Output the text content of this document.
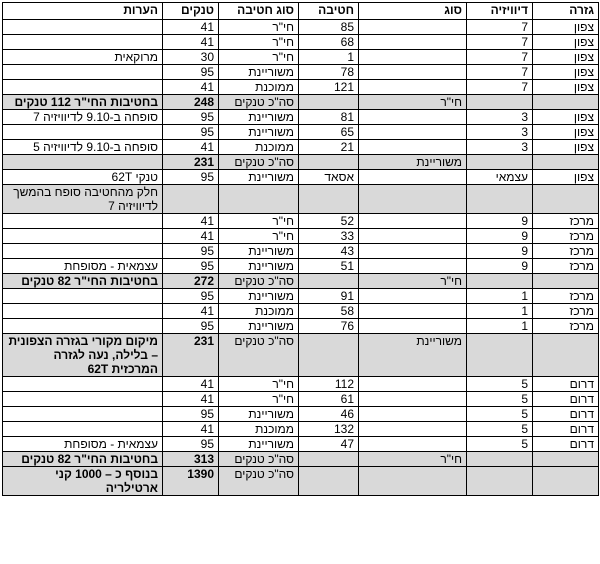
גזרה	דיוויזיה	סוג	חטיבה	סוג חטיבה	טנקים	הערות
צפון	7		85	חי"ר	41	
צפון	7		68	חי"ר	41	
צפון	7		1	חי"ר	30	מרוקאית
צפון	7		78	משוריינת	95	
צפון	7		121	ממוכנת	41	
		חי"ר		סה"כ טנקים	248	בחטיבות החי"ר 112 טנקים
צפון	3		81	משוריינת	95	סופחה ב-9.10 לדיוויזיה 7
צפון	3		65	משוריינת	95	
צפון	3		21	ממוכנת	41	סופחה ב-9.10 לדיוויזיה 5
		משוריינת		סה"כ טנקים	231	
צפון	עצמאי		אסאד	משוריינת	95	טנקי 62T
						חלק מהחטיבה סופח בהמשך לדיוויזיה 7
מרכז	9		52	חי"ר	41	
מרכז	9		33	חי"ר	41	
מרכז	9		43	משוריינת	95	
מרכז	9		51	משוריינת	95	עצמאית - מסופחת
		חי"ר		סה"כ טנקים	272	בחטיבות החי"ר 82 טנקים
מרכז	1		91	משוריינת	95	
מרכז	1		58	ממוכנת	41	
מרכז	1		76	משוריינת	95	
		משוריינת		סה"כ טנקים	231	מיקום מקורי בגזרה הצפונית – בלילה, נעה לגזרה המרכזית 62T
דרום	5		112	חי"ר	41	
דרום	5		61	חי"ר	41	
דרום	5		46	משוריינת	95	
דרום	5		132	ממוכנת	41	
דרום	5		47	משוריינת	95	עצמאית - מסופחת
		חי"ר		סה"כ טנקים	313	בחטיבות החי"ר 82 טנקים
				סה"כ טנקים	1390	בנוסף כ – 1000 קני ארטילריה
